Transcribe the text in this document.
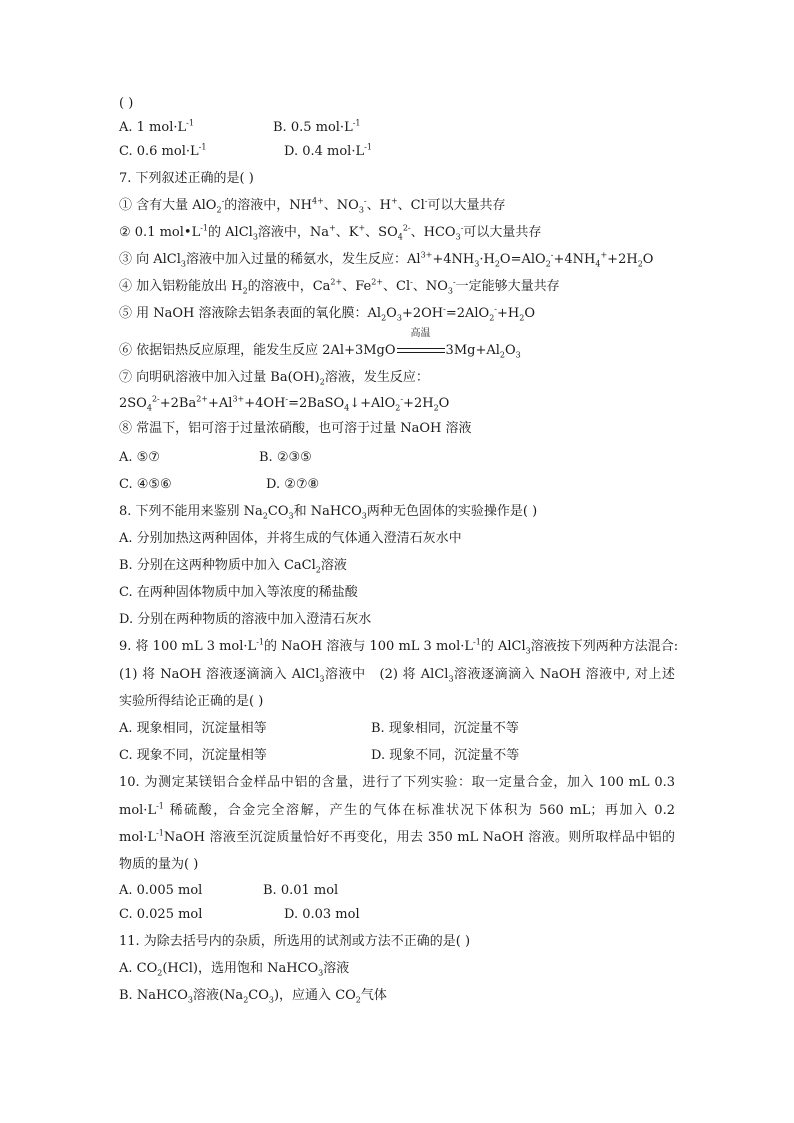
( )
A. 1 $mol\cdot L^{-1}$	B. 0.5 $mol\cdot L^{-1}$
C. 0.6 $mol\cdot L^{-1}$	D. 0.4 $mol\cdot L^{-1}$
7. 下列叙述正确的是( )
① 含有大量 AlO$_2$-的溶液中，$NH^{4+}$、$NO_3^-$、H+、Cl-可以大量共存
② 0.1 $mol•L^{-1}$的 AlCl$_3$溶液中，Na+、K+、$SO_4^{2-}$、$HCO_3^-$可以大量共存
③ 向 AlCl$_3$溶液中加入过量的稀氨水，发生反应：$Al^{3+}+4NH_3\cdot H_2O=AlO_2^-+4NH_4^++2H_2O$
④ 加入铝粉能放出 $H_2$的溶液中，$Ca^{2+}$、$Fe^{2+}$、Cl-、$NO_3^-$一定能够大量共存
⑤ 用 NaOH 溶液除去铝条表面的氧化膜：$Al_2O_3+2OH^-=2AlO_2^-+H_2O$
⑥ 依据铝热反应原理，能发生反应 2Al+3MgO
高温
$3Mg+Al_2O_3$
⑦ 向明矾溶液中加入过量 $Ba(OH)_2$溶液，发生反应：
$2SO_4^{2-}+2Ba^{2+}+Al^{3+}+4OH^-=2BaSO_4↓+AlO_2^-+2H_2O$
⑧ 常温下，铝可溶于过量浓硝酸，也可溶于过量 NaOH 溶液
A. ⑤⑦	B. ②③⑤
C. ④⑤⑥	D. ②⑦⑧
8. 下列不能用来鉴别 $Na_2CO_3$和 NaHCO$_3$两种无色固体的实验操作是( )
A. 分别加热这两种固体，并将生成的气体通入澄清石灰水中
B. 分别在这两种物质中加入 CaCl$_2$溶液
C. 在两种固体物质中加入等浓度的稀盐酸
D. 分别在两种物质的溶液中加入澄清石灰水
9. 将 100 mL 3 $mol\cdot L^{-1}$的 NaOH 溶液与 100 mL 3 $mol\cdot L^{-1}$的 AlCl$_3$溶液按下列两种方法混合:
(1) 将 NaOH 溶液逐滴滴入 AlCl$_3$溶液中 (2) 将 AlCl$_3$溶液逐滴滴入 NaOH 溶液中, 对上述
实验所得结论正确的是( )
A. 现象相同，沉淀量相等	B. 现象相同，沉淀量不等
C. 现象不同，沉淀量相等	D. 现象不同，沉淀量不等
10. 为测定某镁铝合金样品中铝的含量，进行了下列实验：取一定量合金，加入 100 mL 0.3
$mol\cdot L^{-1}$ 稀硫酸，合金完全溶解，产生的气体在标准状况下体积为 560 mL；再加入 0.2
$mol\cdot L^{-1}NaOH$ 溶液至沉淀质量恰好不再变化，用去 350 mL NaOH 溶液。则所取样品中铝的
物质的量为( )
A. 0.005 mol	B. 0.01 mol
C. 0.025 mol	D. 0.03 mol
11. 为除去括号内的杂质，所选用的试剂或方法不正确的是( )
A. $CO_2(HCl)$，选用饱和 NaHCO$_3$溶液
B. NaHCO$_3$溶液$(Na_2CO_3)$，应通入 $CO_2$气体
